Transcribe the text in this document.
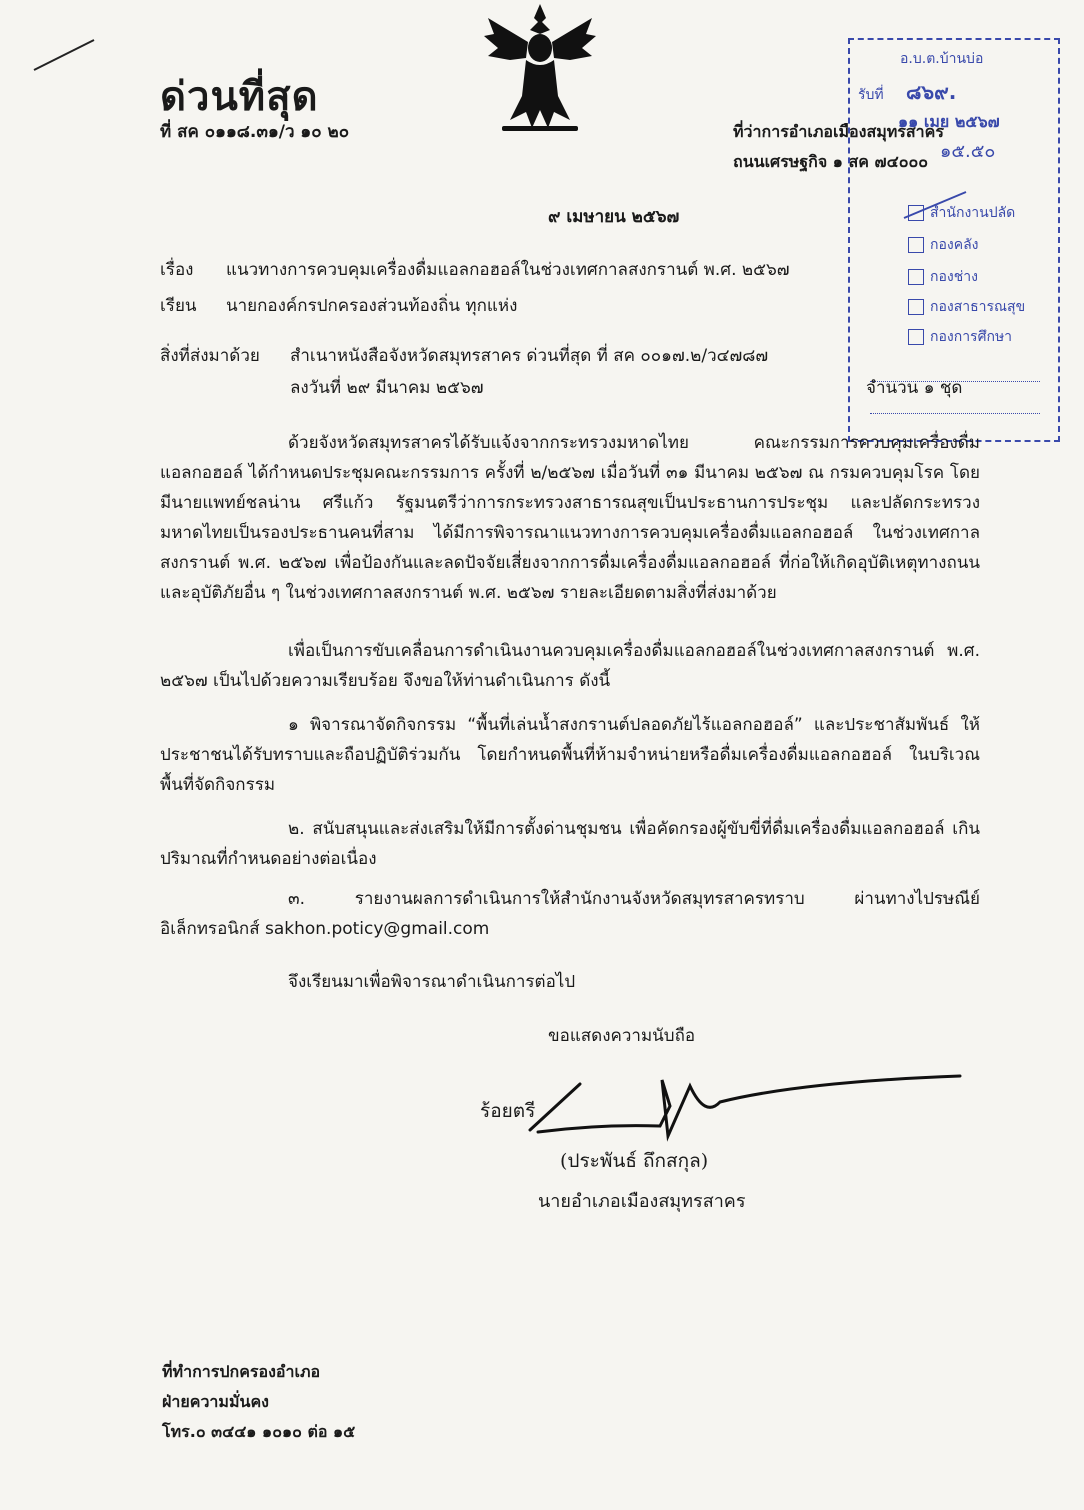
ด่วนที่สุด
ที่ สค ๐๑๑๘.๓๑/ว ๑๐ ๒๐	ที่ว่าการอำเภอเมืองสมุทรสาคร
ถนนเศรษฐกิจ ๑ สค ๗๔๐๐๐
๙ เมษายน ๒๕๖๗
อ.บ.ต.บ้านบ่อ
รับที่ ๘๖๙.
๑๑ เมย ๒๕๖๗
๑๕.๕๐
สำนักงานปลัด
กองคลัง
กองช่าง
กองสาธารณสุข
กองการศึกษา
เรื่อง แนวทางการควบคุมเครื่องดื่มแอลกอฮอล์ในช่วงเทศกาลสงกรานต์ พ.ศ. ๒๕๖๗
เรียน นายกองค์กรปกครองส่วนท้องถิ่น ทุกแห่ง
สิ่งที่ส่งมาด้วย สำเนาหนังสือจังหวัดสมุทรสาคร ด่วนที่สุด ที่ สค ๐๐๑๗.๒/ว๔๗๘๗
ลงวันที่ ๒๙ มีนาคม ๒๕๖๗	จำนวน ๑ ชุด
ด้วยจังหวัดสมุทรสาครได้รับแจ้งจากกระทรวงมหาดไทย คณะกรรมการควบคุมเครื่องดื่มแอลกอฮอล์ ได้กำหนดประชุมคณะกรรมการ ครั้งที่ ๒/๒๕๖๗ เมื่อวันที่ ๓๑ มีนาคม ๒๕๖๗ ณ กรมควบคุมโรค โดยมีนายแพทย์ชลน่าน ศรีแก้ว รัฐมนตรีว่าการกระทรวงสาธารณสุขเป็นประธานการประชุม และปลัดกระทรวงมหาดไทยเป็นรองประธานคนที่สาม ได้มีการพิจารณาแนวทางการควบคุมเครื่องดื่มแอลกอฮอล์ ในช่วงเทศกาลสงกรานต์ พ.ศ. ๒๕๖๗ เพื่อป้องกันและลดปัจจัยเสี่ยงจากการดื่มเครื่องดื่มแอลกอฮอล์ ที่ก่อให้เกิดอุบัติเหตุทางถนนและอุบัติภัยอื่น ๆ ในช่วงเทศกาลสงกรานต์ พ.ศ. ๒๕๖๗ รายละเอียดตามสิ่งที่ส่งมาด้วย
เพื่อเป็นการขับเคลื่อนการดำเนินงานควบคุมเครื่องดื่มแอลกอฮอล์ในช่วงเทศกาลสงกรานต์ พ.ศ. ๒๕๖๗ เป็นไปด้วยความเรียบร้อย จึงขอให้ท่านดำเนินการ ดังนี้
๑ พิจารณาจัดกิจกรรม “พื้นที่เล่นน้ำสงกรานต์ปลอดภัยไร้แอลกอฮอล์” และประชาสัมพันธ์ ให้ประชาชนได้รับทราบและถือปฏิบัติร่วมกัน โดยกำหนดพื้นที่ห้ามจำหน่ายหรือดื่มเครื่องดื่มแอลกอฮอล์ ในบริเวณพื้นที่จัดกิจกรรม
๒. สนับสนุนและส่งเสริมให้มีการตั้งด่านชุมชน เพื่อคัดกรองผู้ขับขี่ที่ดื่มเครื่องดื่มแอลกอฮอล์ เกินปริมาณที่กำหนดอย่างต่อเนื่อง
๓. รายงานผลการดำเนินการให้สำนักงานจังหวัดสมุทรสาครทราบ ผ่านทางไปรษณีย์ อิเล็กทรอนิกส์ sakhon.poticy@gmail.com
จึงเรียนมาเพื่อพิจารณาดำเนินการต่อไป
ขอแสดงความนับถือ
ร้อยตรี
(ประพันธ์ ถึกสกุล)
นายอำเภอเมืองสมุทรสาคร
ที่ทำการปกครองอำเภอ
ฝ่ายความมั่นคง
โทร.๐ ๓๔๔๑ ๑๐๑๐ ต่อ ๑๕
